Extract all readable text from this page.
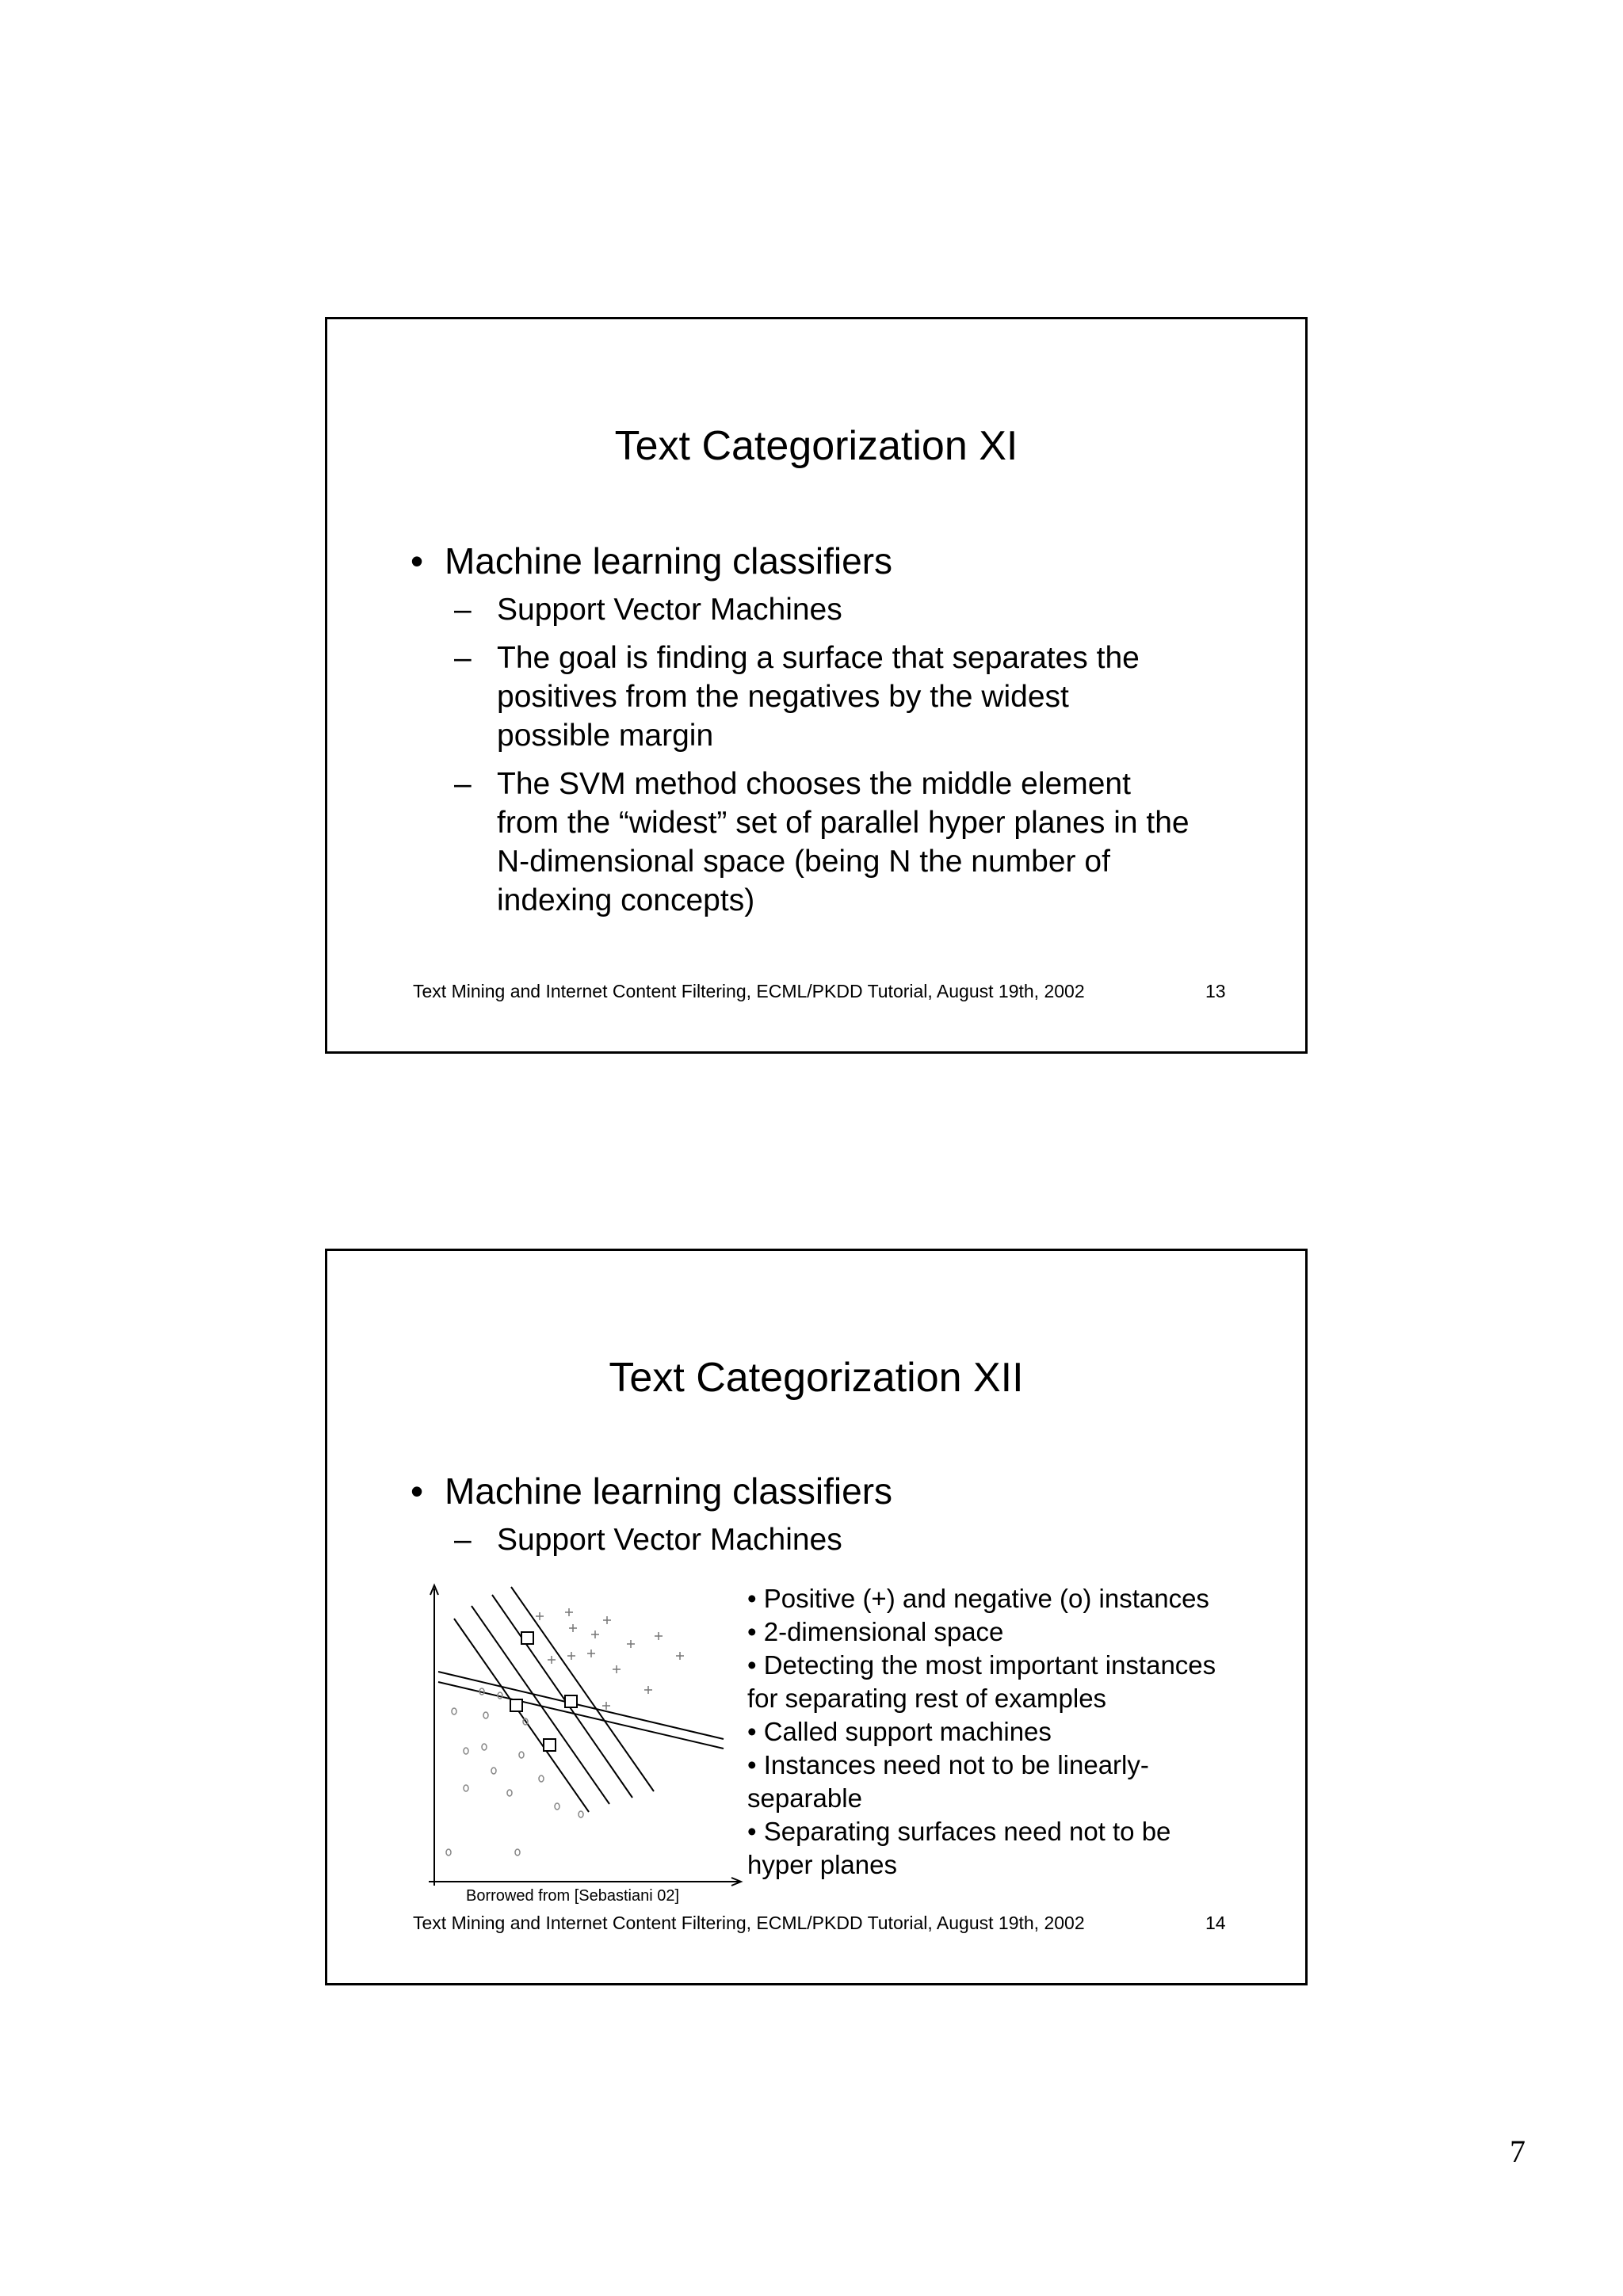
Text Categorization XI
• Machine learning classifiers
– Support Vector Machines
– The goal is finding a surface that separates the
positives from the negatives by the widest
possible margin
– The SVM method chooses the middle element
from the “widest” set of parallel hyper planes in the
N-dimensional space (being N the number of
indexing concepts)
Text Mining and Internet Content Filtering, ECML/PKDD Tutorial, August 19th, 2002	13
Text Categorization XII
• Machine learning classifiers
– Support Vector Machines
Borrowed from [Sebastiani 02]
• Positive (+) and negative (o) instances
• 2-dimensional space
• Detecting the most important instances
for separating rest of examples
• Called support machines
• Instances need not to be linearly-
separable
• Separating surfaces need not to be
hyper planes
Text Mining and Internet Content Filtering, ECML/PKDD Tutorial, August 19th, 2002	14
7
